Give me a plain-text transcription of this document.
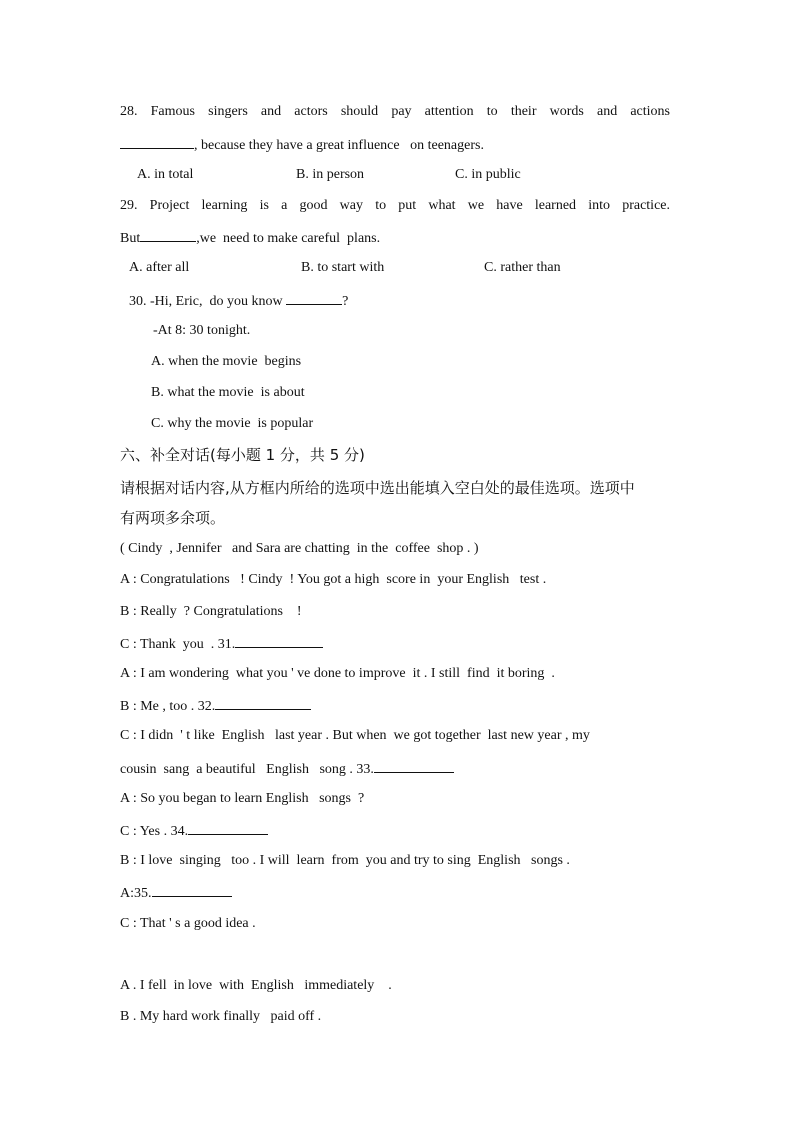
28. Famous singers and actors should pay attention to their words and actions
, because they have a great influence   on teenagers.
A. in total	B. in person	C. in public
29. Project learning is a good way to put what we have learned into practice.
But	,we  need to make careful  plans.
A. after all	B. to start with	C. rather than
30. -Hi, Eric,  do you know	?
-At 8: 30 tonight.
A. when the movie  begins
B. what the movie  is about
C. why the movie  is popular
六、补全对话(每小题 1 分，共 5 分)
请根据对话内容,从方框内所给的选项中选出能填入空白处的最佳选项。选项中
有两项多余项。
( Cindy  , Jennifer   and Sara are chatting  in the  coffee  shop . )
A : Congratulations   ! Cindy  ! You got a high  score in  your English   test .
B : Really  ? Congratulations    !
C : Thank  you  . 31.
A : I am wondering  what you ' ve done to improve  it . I still  find  it boring  .
B : Me , too . 32.
C : I didn  ' t like  English   last year . But when  we got together  last new year , my
cousin  sang  a beautiful   English   song . 33.
A : So you began to learn English   songs  ?
C : Yes . 34.
B : I love  singing   too . I will  learn  from  you and try to sing  English   songs .
A:35.
C : That ' s a good idea .
A . I fell  in love  with  English   immediately    .
B . My hard work finally   paid off .
